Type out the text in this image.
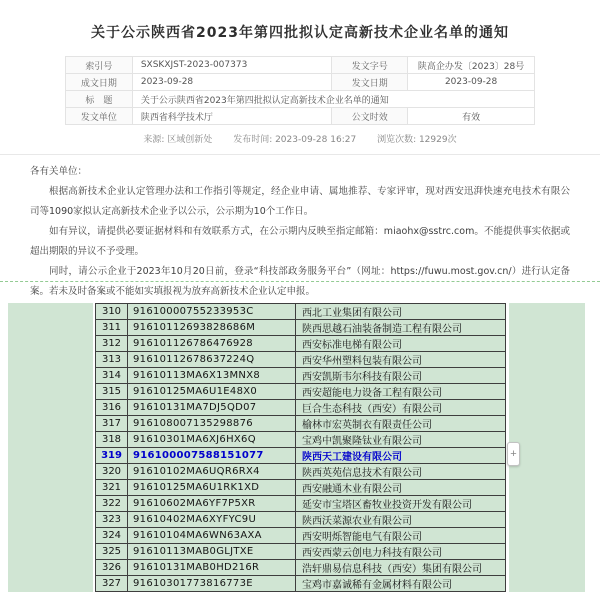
关于公示陕西省2023年第四批拟认定高新技术企业名单的通知
索引号	SXSKXJST-2023-007373	发文字号	陕高企办发〔2023〕28号
成文日期	2023-09-28	发文日期	2023-09-28
标　题	关于公示陕西省2023年第四批拟认定高新技术企业名单的通知		
发文单位	陕西省科学技术厅	公文时效	有效
来源: 区域创新处 发布时间: 2023-09-28 16:27 浏览次数: 12929次

各有关单位：

根据高新技术企业认定管理办法和工作指引等规定，经企业申请、属地推荐、专家评审，现对西安迅湃快速充电技术有限公司等1090家拟认定高新技术企业予以公示，公示期为10个工作日。

如有异议，请提供必要证据材料和有效联系方式，在公示期内反映至指定邮箱：miaohx@sstrc.com。不能提供事实依据或超出期限的异议不予受理。

同时，请公示企业于2023年10月20日前，登录“科技部政务服务平台”（网址：https://fuwu.most.gov.cn/）进行认定备案。若未及时备案或不能如实填报视为放弃高新技术企业认定申报。

310	91610000755233953C	西北工业集团有限公司
311	91610112693828686M	陕西思越石油装备制造工程有限公司
312	916101126786476928	西安标准电梯有限公司
313	91610112678637224Q	西安华州塑料包装有限公司
314	91610113MA6X13MNX8	西安凯斯韦尔科技有限公司
315	91610125MA6U1E48X0	西安超能电力设备工程有限公司
316	91610131MA7DJ5QD07	巨合生态科技（西安）有限公司
317	916108007135298876	榆林市宏英制衣有限责任公司
318	91610301MA6XJ6HX6Q	宝鸡中凯聚隆钛业有限公司
319	916100007588151077	陕西天工建设有限公司
320	91610102MA6UQR6RX4	陕西英苑信息技术有限公司
321	91610125MA6U1RK1XD	西安融通木业有限公司
322	91610602MA6YF7P5XR	延安市宝塔区畜牧业投资开发有限公司
323	91610402MA6XYFYC9U	陕西沃菜源农业有限公司
324	91610104MA6WN63AXA	西安明烁智能电气有限公司
325	91610113MAB0GLJTXE	西安西蒙云创电力科技有限公司
326	91610131MAB0HD216R	浩轩鼎易信息科技（西安）集团有限公司
327	91610301773816773E	宝鸡市嘉诚稀有金属材料有限公司
+
